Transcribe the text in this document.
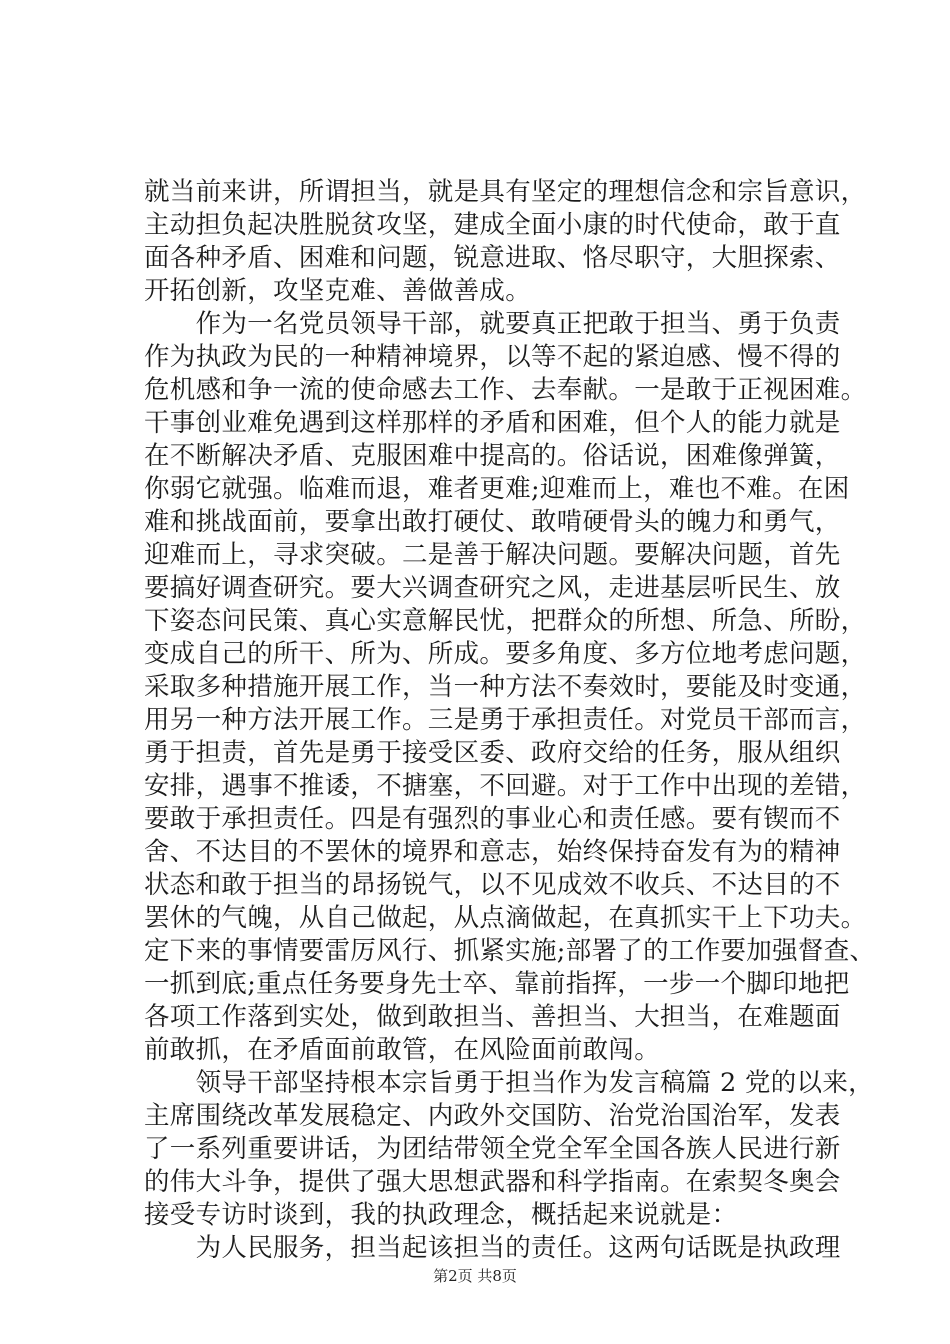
就当前来讲，所谓担当，就是具有坚定的理想信念和宗旨意识，
主动担负起决胜脱贫攻坚，建成全面小康的时代使命，敢于直
面各种矛盾、困难和问题，锐意进取、恪尽职守，大胆探索、
开拓创新，攻坚克难、善做善成。
　　作为一名党员领导干部，就要真正把敢于担当、勇于负责
作为执政为民的一种精神境界，以等不起的紧迫感、慢不得的
危机感和争一流的使命感去工作、去奉献。一是敢于正视困难。
干事创业难免遇到这样那样的矛盾和困难，但个人的能力就是
在不断解决矛盾、克服困难中提高的。俗话说，困难像弹簧，
你弱它就强。临难而退，难者更难;迎难而上，难也不难。在困
难和挑战面前，要拿出敢打硬仗、敢啃硬骨头的魄力和勇气，
迎难而上，寻求突破。二是善于解决问题。要解决问题，首先
要搞好调查研究。要大兴调查研究之风，走进基层听民生、放
下姿态问民策、真心实意解民忧，把群众的所想、所急、所盼，
变成自己的所干、所为、所成。要多角度、多方位地考虑问题，
采取多种措施开展工作，当一种方法不奏效时，要能及时变通，
用另一种方法开展工作。三是勇于承担责任。对党员干部而言，
勇于担责，首先是勇于接受区委、政府交给的任务，服从组织
安排，遇事不推诿，不搪塞，不回避。对于工作中出现的差错，
要敢于承担责任。四是有强烈的事业心和责任感。要有锲而不
舍、不达目的不罢休的境界和意志，始终保持奋发有为的精神
状态和敢于担当的昂扬锐气，以不见成效不收兵、不达目的不
罢休的气魄，从自己做起，从点滴做起，在真抓实干上下功夫。
定下来的事情要雷厉风行、抓紧实施;部署了的工作要加强督查、
一抓到底;重点任务要身先士卒、靠前指挥，一步一个脚印地把
各项工作落到实处，做到敢担当、善担当、大担当，在难题面
前敢抓，在矛盾面前敢管，在风险面前敢闯。
　　领导干部坚持根本宗旨勇于担当作为发言稿篇 2 党的以来，
主席围绕改革发展稳定、内政外交国防、治党治国治军，发表
了一系列重要讲话，为团结带领全党全军全国各族人民进行新
的伟大斗争，提供了强大思想武器和科学指南。在索契冬奥会
接受专访时谈到，我的执政理念，概括起来说就是：
　　为人民服务，担当起该担当的责任。这两句话既是执政理
第2页 共8页
